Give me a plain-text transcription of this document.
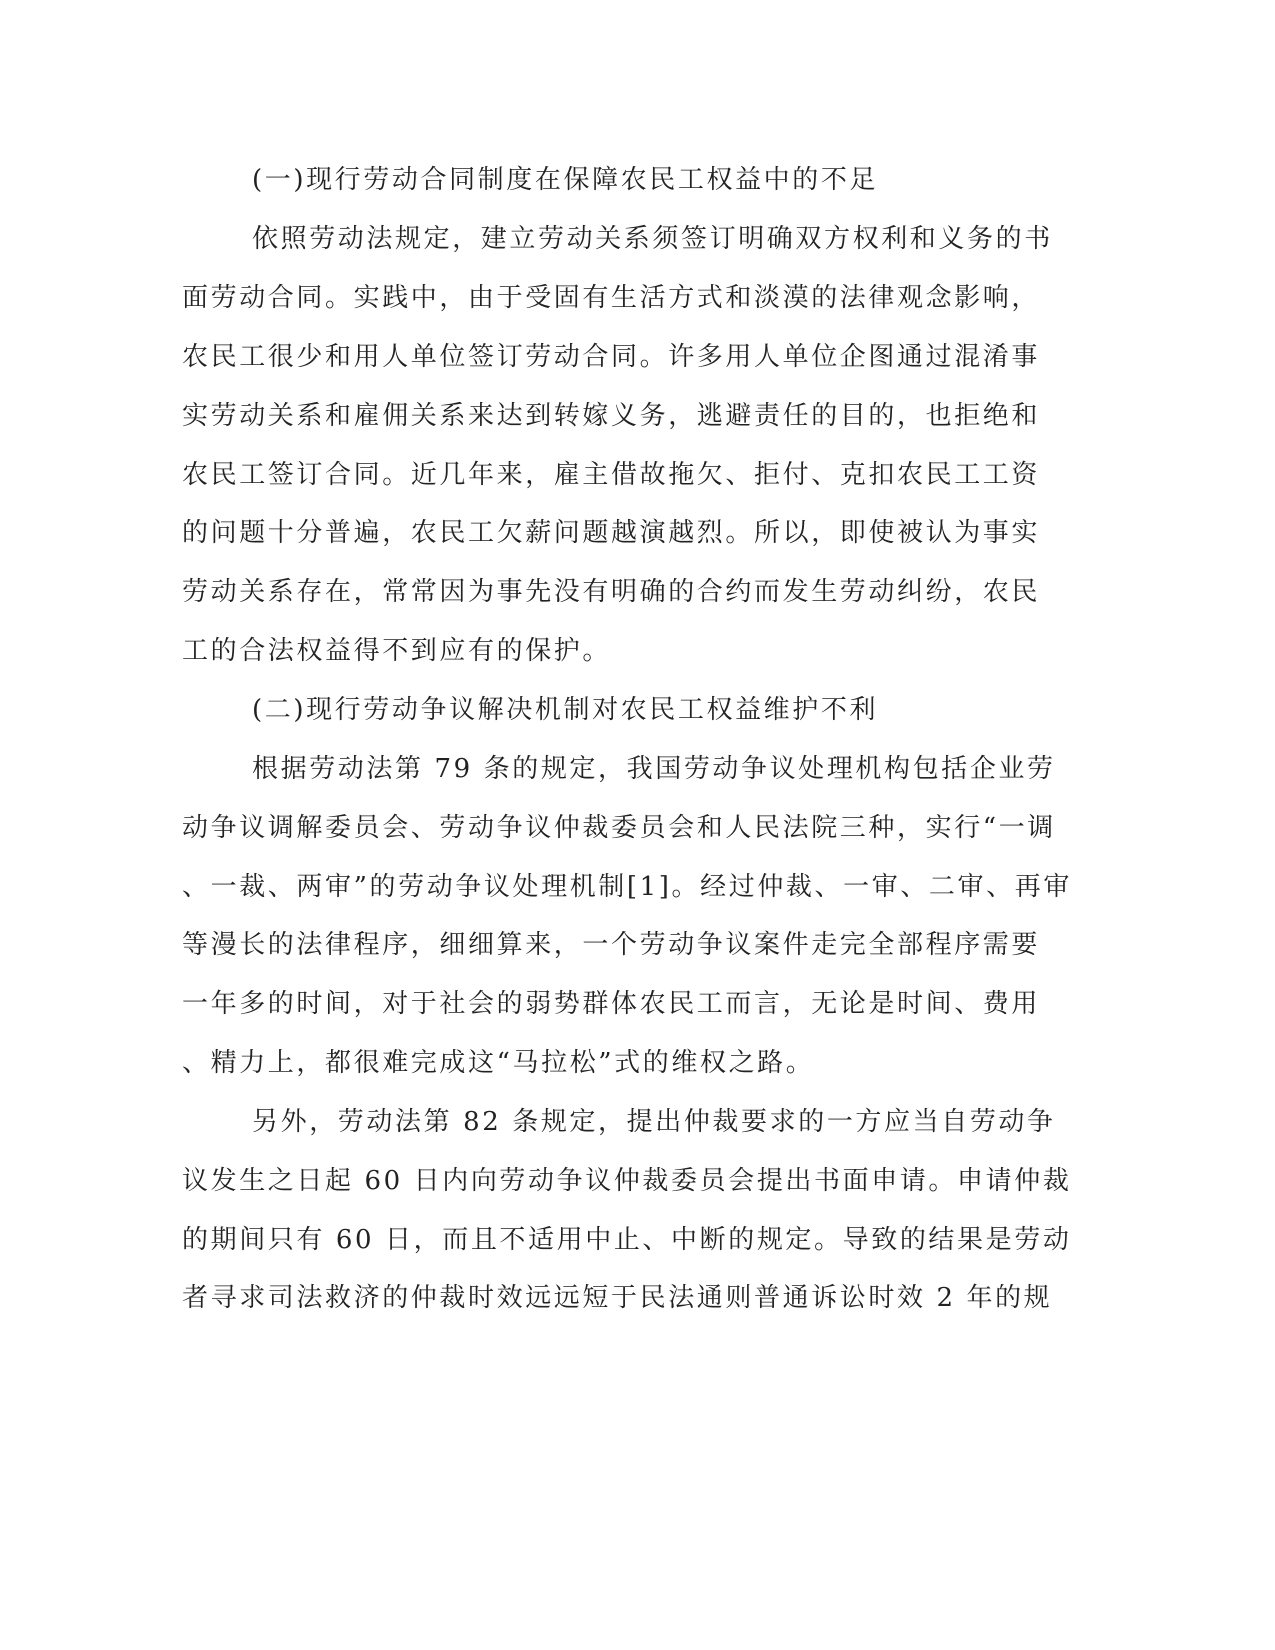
(一)现行劳动合同制度在保障农民工权益中的不足

依照劳动法规定，建立劳动关系须签订明确双方权利和义务的书

面劳动合同。实践中，由于受固有生活方式和淡漠的法律观念影响，

农民工很少和用人单位签订劳动合同。许多用人单位企图通过混淆事

实劳动关系和雇佣关系来达到转嫁义务，逃避责任的目的，也拒绝和

农民工签订合同。近几年来，雇主借故拖欠、拒付、克扣农民工工资

的问题十分普遍，农民工欠薪问题越演越烈。所以，即使被认为事实

劳动关系存在，常常因为事先没有明确的合约而发生劳动纠纷，农民

工的合法权益得不到应有的保护。

(二)现行劳动争议解决机制对农民工权益维护不利

根据劳动法第 79 条的规定，我国劳动争议处理机构包括企业劳

动争议调解委员会、劳动争议仲裁委员会和人民法院三种，实行“一调

、一裁、两审”的劳动争议处理机制[1]。经过仲裁、一审、二审、再审

等漫长的法律程序，细细算来，一个劳动争议案件走完全部程序需要

一年多的时间，对于社会的弱势群体农民工而言，无论是时间、费用

、精力上，都很难完成这“马拉松”式的维权之路。

另外，劳动法第 82 条规定，提出仲裁要求的一方应当自劳动争

议发生之日起 60 日内向劳动争议仲裁委员会提出书面申请。申请仲裁

的期间只有 60 日，而且不适用中止、中断的规定。导致的结果是劳动

者寻求司法救济的仲裁时效远远短于民法通则普通诉讼时效 2 年的规
